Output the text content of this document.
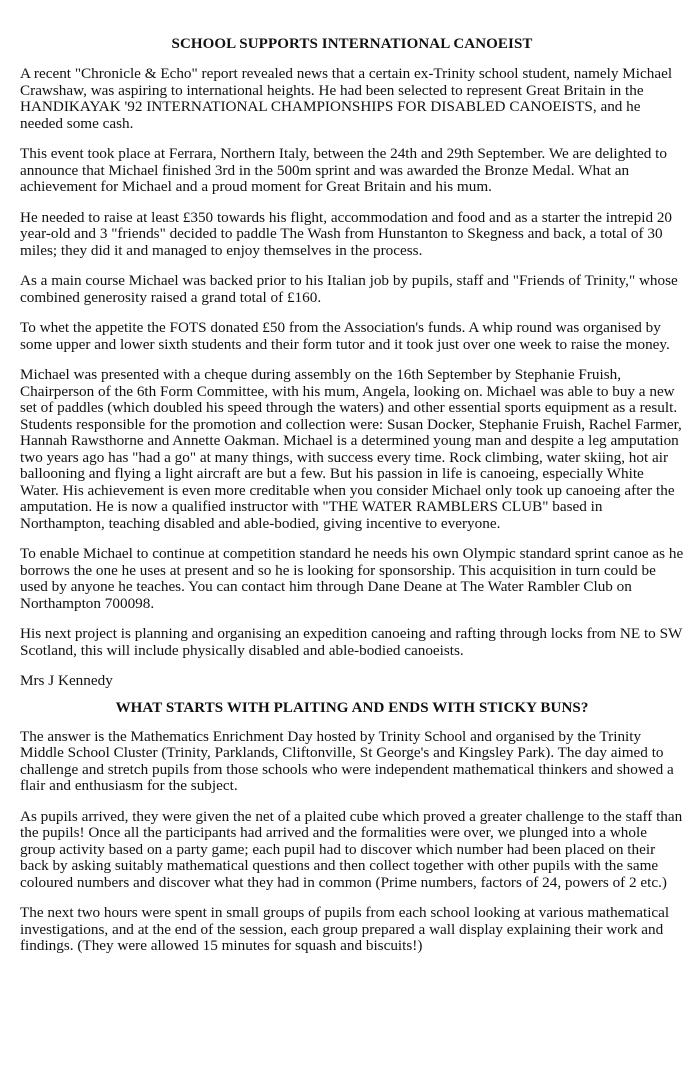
SCHOOL SUPPORTS INTERNATIONAL CANOEIST

A recent "Chronicle & Echo" report revealed news that a certain ex-Trinity school student, namely Michael Crawshaw, was aspiring to international heights. He had been selected to represent Great Britain in the HANDIKAYAK '92 INTERNATIONAL CHAMPIONSHIPS FOR DISABLED CANOEISTS, and he needed some cash.

This event took place at Ferrara, Northern Italy, between the 24th and 29th September. We are delighted to announce that Michael finished 3rd in the 500m sprint and was awarded the Bronze Medal. What an achievement for Michael and a proud moment for Great Britain and his mum.

He needed to raise at least £350 towards his flight, accommodation and food and as a starter the intrepid 20 year-old and 3 "friends" decided to paddle The Wash from Hunstanton to Skegness and back, a total of 30 miles; they did it and managed to enjoy themselves in the process.

As a main course Michael was backed prior to his Italian job by pupils, staff and "Friends of Trinity," whose combined generosity raised a grand total of £160.

To whet the appetite the FOTS donated £50 from the Association's funds. A whip round was organised by some upper and lower sixth students and their form tutor and it took just over one week to raise the money.

Michael was presented with a cheque during assembly on the 16th September by Stephanie Fruish, Chairperson of the 6th Form Committee, with his mum, Angela, looking on. Michael was able to buy a new set of paddles (which doubled his speed through the waters) and other essential sports equipment as a result. Students responsible for the promotion and collection were: Susan Docker, Stephanie Fruish, Rachel Farmer, Hannah Rawsthorne and Annette Oakman. Michael is a determined young man and despite a leg amputation two years ago has "had a go" at many things, with success every time. Rock climbing, water skiing, hot air ballooning and flying a light aircraft are but a few. But his passion in life is canoeing, especially White Water. His achievement is even more creditable when you consider Michael only took up canoeing after the amputation. He is now a qualified instructor with "THE WATER RAMBLERS CLUB" based in Northampton, teaching disabled and able-bodied, giving incentive to everyone.

To enable Michael to continue at competition standard he needs his own Olympic standard sprint canoe as he borrows the one he uses at present and so he is looking for sponsorship. This acquisition in turn could be used by anyone he teaches. You can contact him through Dane Deane at The Water Rambler Club on Northampton 700098.

His next project is planning and organising an expedition canoeing and rafting through locks from NE to SW Scotland, this will include physically disabled and able-bodied canoeists.

Mrs J Kennedy

WHAT STARTS WITH PLAITING AND ENDS WITH STICKY BUNS?

The answer is the Mathematics Enrichment Day hosted by Trinity School and organised by the Trinity Middle School Cluster (Trinity, Parklands, Cliftonville, St George's and Kingsley Park). The day aimed to challenge and stretch pupils from those schools who were independent mathematical thinkers and showed a flair and enthusiasm for the subject.

As pupils arrived, they were given the net of a plaited cube which proved a greater challenge to the staff than the pupils! Once all the participants had arrived and the formalities were over, we plunged into a whole group activity based on a party game; each pupil had to discover which number had been placed on their back by asking suitably mathematical questions and then collect together with other pupils with the same coloured numbers and discover what they had in common (Prime numbers, factors of 24, powers of 2 etc.)

The next two hours were spent in small groups of pupils from each school looking at various mathematical investigations, and at the end of the session, each group prepared a wall display explaining their work and findings. (They were allowed 15 minutes for squash and biscuits!)
